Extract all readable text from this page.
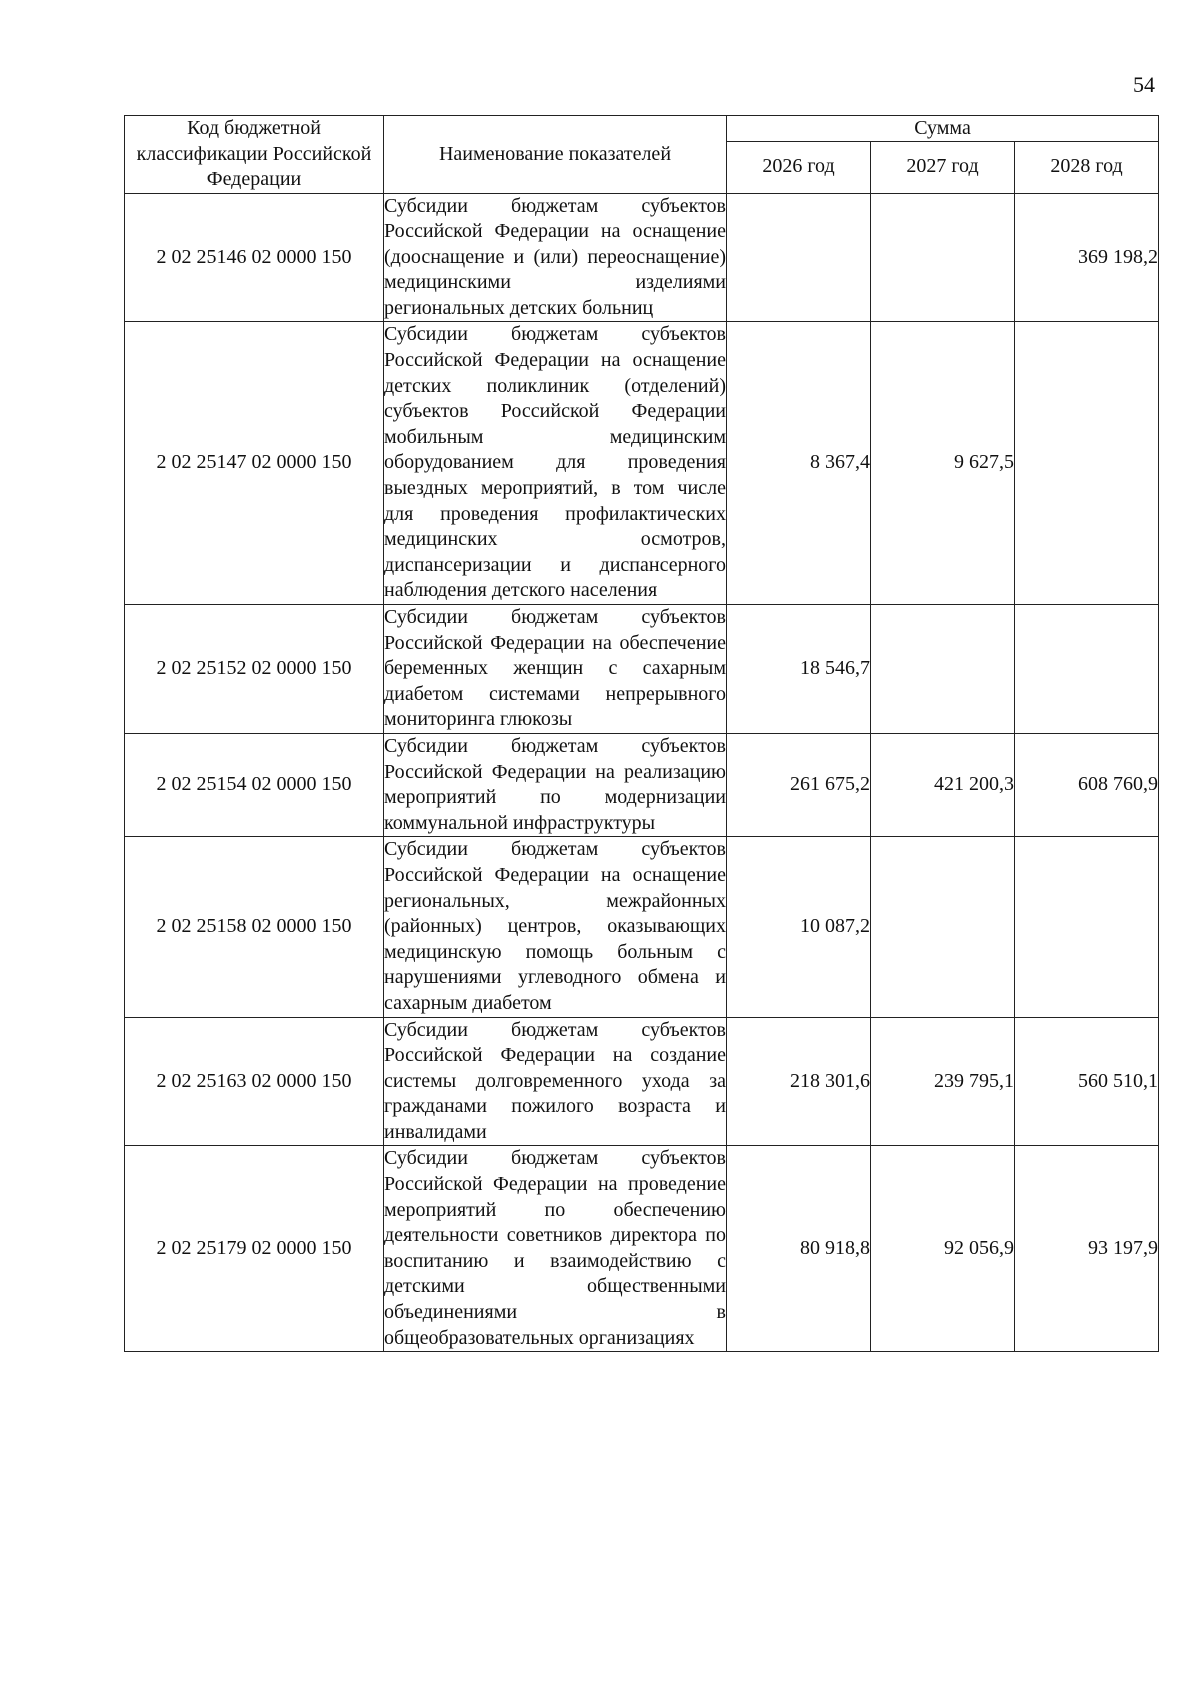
54
Код бюджетной классификации Российской Федерации	Наименование показателей	Сумма		
		2026 год	2027 год	2028 год
2 02 25146 02 0000 150	Субсидии бюджетам субъектов Российской Федерации на оснащение (дооснащение и (или) переоснащение) медицинскими изделиями региональных детских больниц			369 198,2
2 02 25147 02 0000 150	Субсидии бюджетам субъектов Российской Федерации на оснащение детских поликлиник (отделений) субъектов Российской Федерации мобильным медицинским оборудованием для проведения выездных мероприятий, в том числе для проведения профилактических медицинских осмотров, диспансеризации и диспансерного наблюдения детского населения	8 367,4	9 627,5	
2 02 25152 02 0000 150	Субсидии бюджетам субъектов Российской Федерации на обеспечение беременных женщин с сахарным диабетом системами непрерывного мониторинга глюкозы	18 546,7		
2 02 25154 02 0000 150	Субсидии бюджетам субъектов Российской Федерации на реализацию мероприятий по модернизации коммунальной инфраструктуры	261 675,2	421 200,3	608 760,9
2 02 25158 02 0000 150	Субсидии бюджетам субъектов Российской Федерации на оснащение региональных, межрайонных (районных) центров, оказывающих медицинскую помощь больным с нарушениями углеводного обмена и сахарным диабетом	10 087,2		
2 02 25163 02 0000 150	Субсидии бюджетам субъектов Российской Федерации на создание системы долговременного ухода за гражданами пожилого возраста и инвалидами	218 301,6	239 795,1	560 510,1
2 02 25179 02 0000 150	Субсидии бюджетам субъектов Российской Федерации на проведение мероприятий по обеспечению деятельности советников директора по воспитанию и взаимодействию с детскими общественными объединениями в общеобразовательных организациях	80 918,8	92 056,9	93 197,9
